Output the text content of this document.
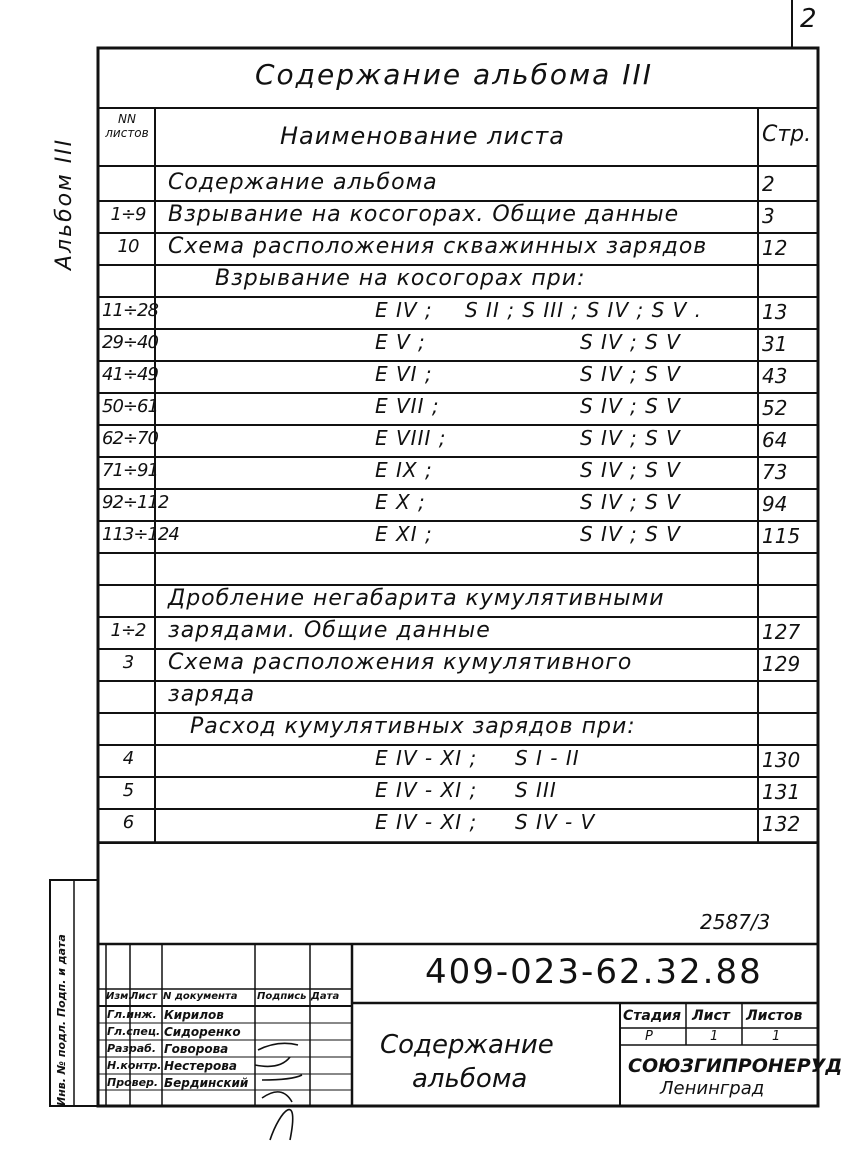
2
Содержание альбома III
Альбом III
Инв. № подл. Подп. и дата
NN листов	Наименование листа	Стр.
Содержание альбома	2
1÷9	Взрывание на косогорах. Общие данные	3
10	Схема расположения скважинных зарядов	12
Взрывание на косогорах при:
11÷28	E IV ; S II ; S III ; S IV ; S V .	13
29÷40	E V ;	S IV ; S V	31
41÷49	E VI ;	S IV ; S V	43
50÷61	E VII ;	S IV ; S V	52
62÷70	E VIII ;	S IV ; S V	64
71÷91	E IX ;	S IV ; S V	73
92÷112	E X ;	S IV ; S V	94
113÷124	E XI ;	S IV ; S V	115
Дробление негабарита кумулятивными
1÷2	зарядами. Общие данные	127
3	Схема расположения кумулятивного	129
заряда
Расход кумулятивных зарядов при:
4	E IV - XI ; S I - II	130
5	E IV - XI ; S III	131
6	E IV - XI ; S IV - V	132
2587/3
409-023-62.32.88
Содержание
альбома
Стадия Лист Листов
Р	1	1
СОЮЗГИПРОНЕРУД
Ленинград
Изм.
Лист N документа Подпись Дата
Гл.инж. Кирилов
Гл.спец. Сидоренко
Разраб. Говорова
Н.контр. Нестерова
Провер. Бердинский
